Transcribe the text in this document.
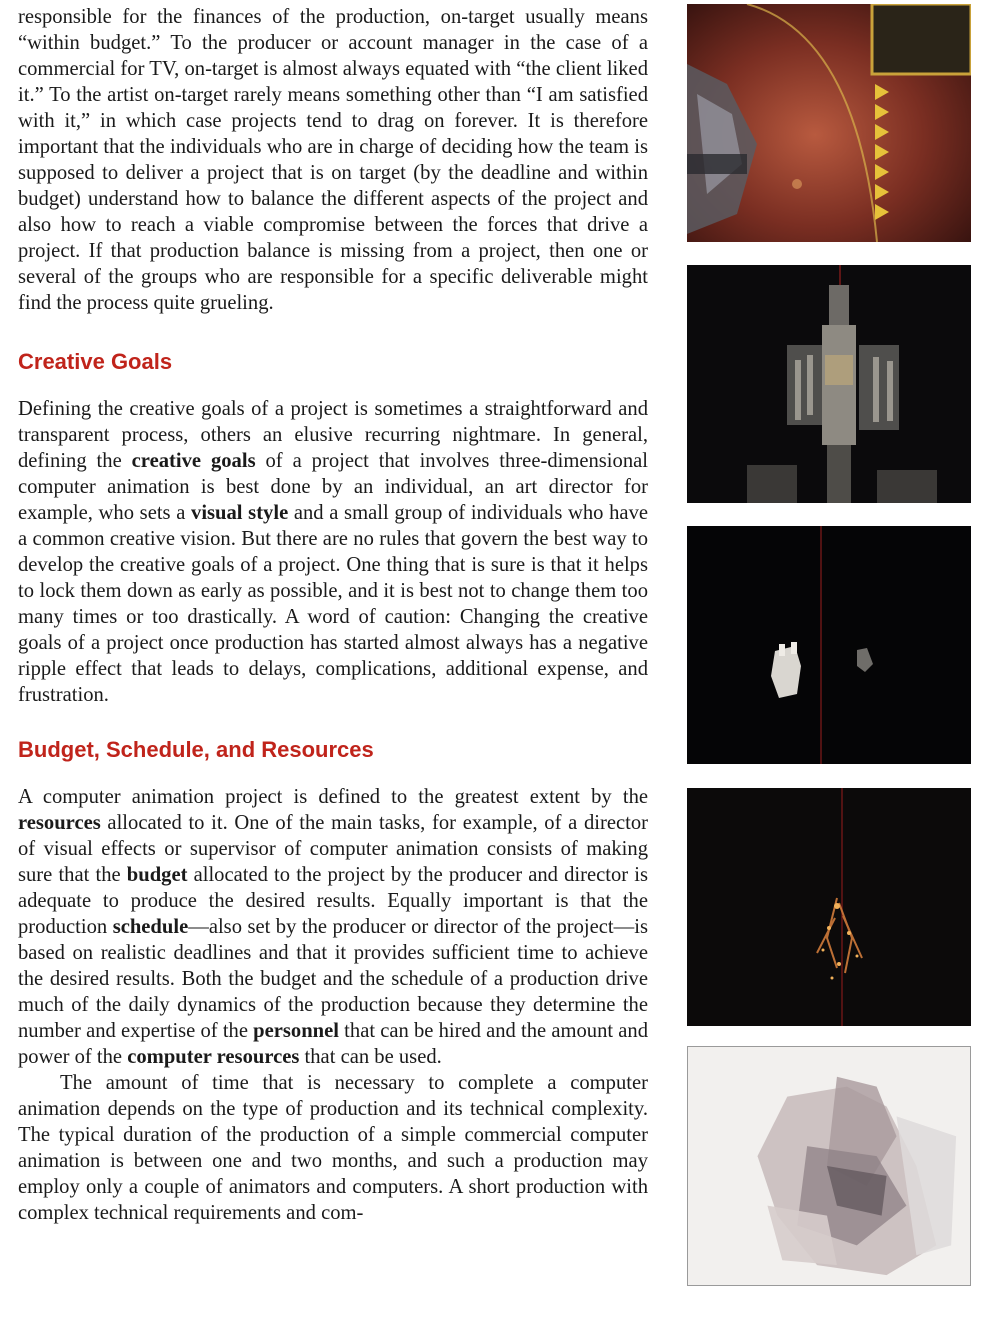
responsible for the finances of the production, on-target usually means “within budget.” To the producer or account manager in the case of a commercial for TV, on-target is almost always equated with “the client liked it.” To the artist on-target rarely means something other than “I am satisfied with it,” in which case projects tend to drag on forever. It is therefore important that the individuals who are in charge of deciding how the team is supposed to deliver a project that is on target (by the deadline and within budget) understand how to balance the different aspects of the project and also how to reach a viable compromise between the forces that drive a project. If that production balance is missing from a project, then one or several of the groups who are responsible for a specific deliverable might find the process quite grueling.

Creative Goals

Defining the creative goals of a project is sometimes a straightforward and transparent process, others an elusive recurring nightmare. In general, defining the creative goals of a project that involves three-dimensional computer animation is best done by an individual, an art director for example, who sets a visual style and a small group of individuals who have a common creative vision. But there are no rules that govern the best way to develop the creative goals of a project. One thing that is sure is that it helps to lock them down as early as possible, and it is best not to change them too many times or too drastically. A word of caution: Changing the creative goals of a project once production has started almost always has a negative ripple effect that leads to delays, complications, additional expense, and frustration.

Budget, Schedule, and Resources

A computer animation project is defined to the greatest extent by the resources allocated to it. One of the main tasks, for example, of a director of visual effects or supervisor of computer animation consists of making sure that the budget allocated to the project by the producer and director is adequate to produce the desired results. Equally important is that the production schedule—also set by the producer or director of the project—is based on realistic deadlines and that it provides sufficient time to achieve the desired results. Both the budget and the schedule of a production drive much of the daily dynamics of the production because they determine the number and expertise of the personnel that can be hired and the amount and power of the computer resources that can be used.

The amount of time that is necessary to complete a computer animation depends on the type of production and its technical complexity. The typical duration of the production of a simple commercial computer animation is between one and two months, and such a production may employ only a couple of animators and computers. A short production with complex technical requirements and com-
